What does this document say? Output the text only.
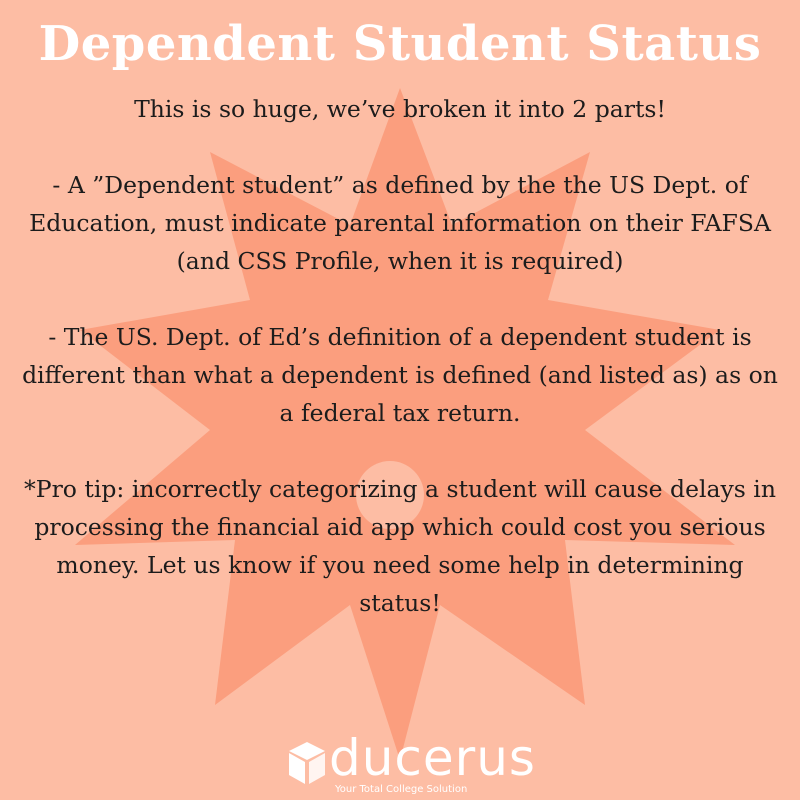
Dependent Student Status

This is so huge, we’ve broken it into 2 parts!

- A ”Dependent student” as defined by the the US Dept. of Education, must indicate parental information on their FAFSA (and CSS Profile, when it is required)

- The US. Dept. of Ed’s definition of a dependent student is different than what a dependent is defined (and listed as) as on a federal tax return.

*Pro tip: incorrectly categorizing a student will cause delays in processing the financial aid app which could cost you serious money. Let us know if you need some help in determining status!

ducerus
Your Total College Solution
